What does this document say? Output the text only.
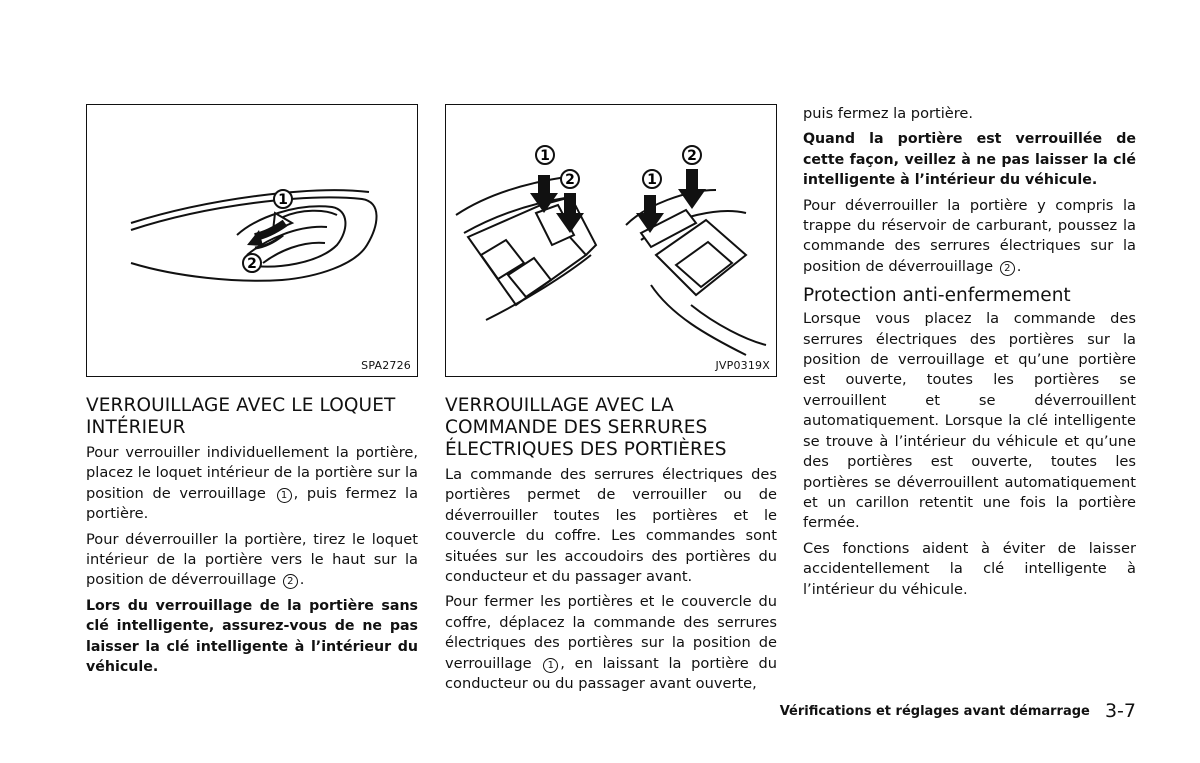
1
2
SPA2726
VERROUILLAGE AVEC LE LOQUET INTÉRIEUR

Pour verrouiller individuellement la portière, placez le loquet intérieur de la portière sur la position de verrouillage 1 , puis fermez la portière.

Pour déverrouiller la portière, tirez le loquet intérieur de la portière vers le haut sur la position de déverrouillage 2 .

Lors du verrouillage de la portière sans clé intelligente, assurez-vous de ne pas laisser la clé intelligente à l’intérieur du véhicule.

1
2	1
2
JVP0319X
VERROUILLAGE AVEC LA COMMANDE DES SERRURES ÉLECTRIQUES DES PORTIÈRES

La commande des serrures électriques des portières permet de verrouiller ou de déverrouiller toutes les portières et le couvercle du coffre. Les commandes sont situées sur les accoudoirs des portières du conducteur et du passager avant.

Pour fermer les portières et le couvercle du coffre, déplacez la commande des serrures électriques des portières sur la position de verrouillage 1 , en laissant la portière du conducteur ou du passager avant ouverte,

puis fermez la portière.

Quand la portière est verrouillée de cette façon, veillez à ne pas laisser la clé intelligente à l’intérieur du véhicule.

Pour déverrouiller la portière y compris la trappe du réservoir de carburant, poussez la commande des serrures électriques sur la position de déverrouillage 2 .

Protection anti-enfermement

Lorsque vous placez la commande des serrures électriques des portières sur la position de verrouillage et qu’une portière est ouverte, toutes les portières se verrouillent et se déverrouillent automatiquement. Lorsque la clé intelligente se trouve à l’intérieur du véhicule et qu’une des portières est ouverte, toutes les portières se déverrouillent automatiquement et un carillon retentit une fois la portière fermée.

Ces fonctions aident à éviter de laisser accidentellement la clé intelligente à l’intérieur du véhicule.

Vérifications et réglages avant démarrage 3-7
